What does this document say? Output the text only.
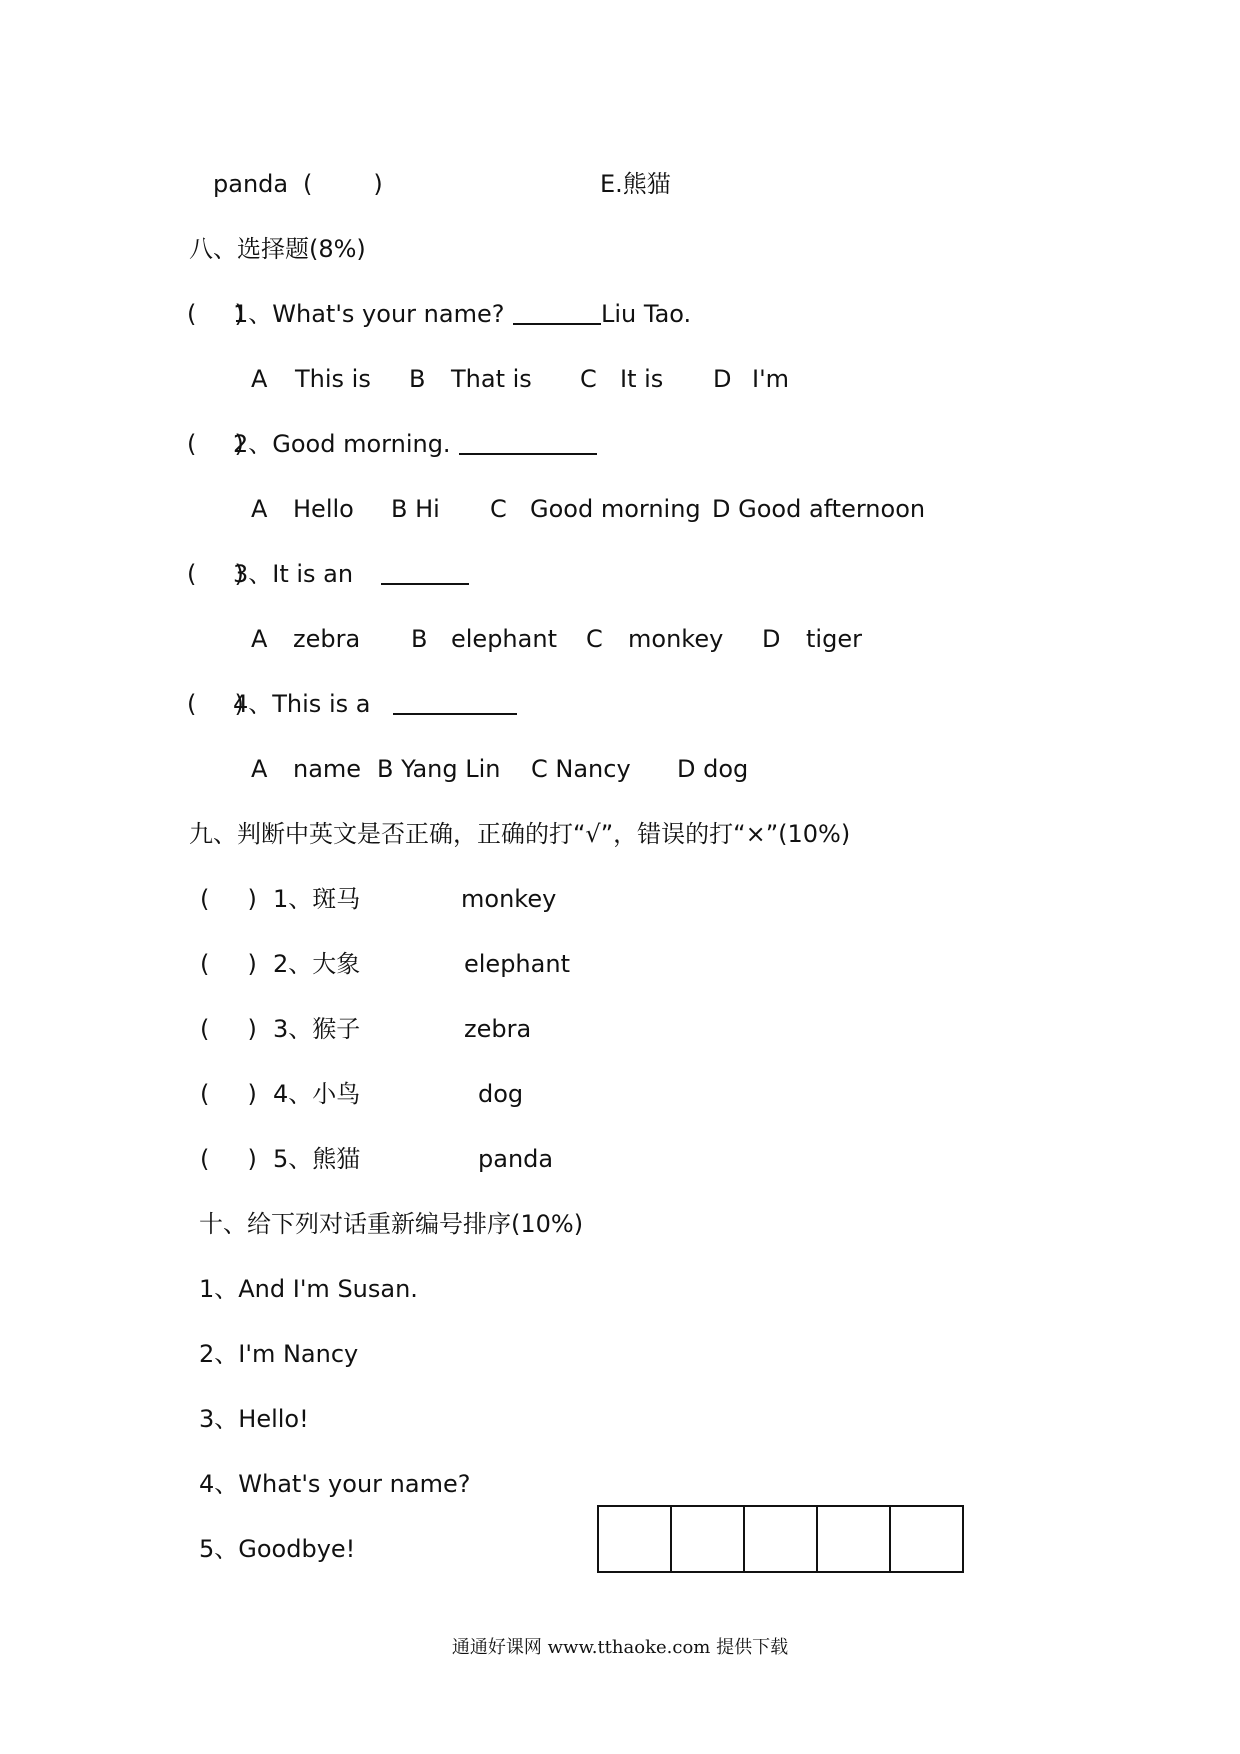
panda (        )	E.熊猫
八、选择题(8%)
(     )
1、What's your name?	Liu Tao.
A This is B That is C It is D I'm
(     )
2、Good morning.
A Hello B Hi C Good morning D Good afternoon
(     )
3、It is an
A zebra B elephant C monkey D tiger
(     )
4、This is a
A name B Yang Lin C Nancy D dog
九、判断中英文是否正确，正确的打“√”，错误的打“×”(10%)
(     ) 1、斑马	monkey
(     ) 2、大象	elephant
(     ) 3、猴子	zebra
(     ) 4、小鸟	dog
(     ) 5、熊猫	panda
十、给下列对话重新编号排序(10%)
1、And I'm Susan.
2、I'm Nancy
3、Hello!
4、What's your name?
5、Goodbye!
通通好课网 www.tthaoke.com 提供下载
